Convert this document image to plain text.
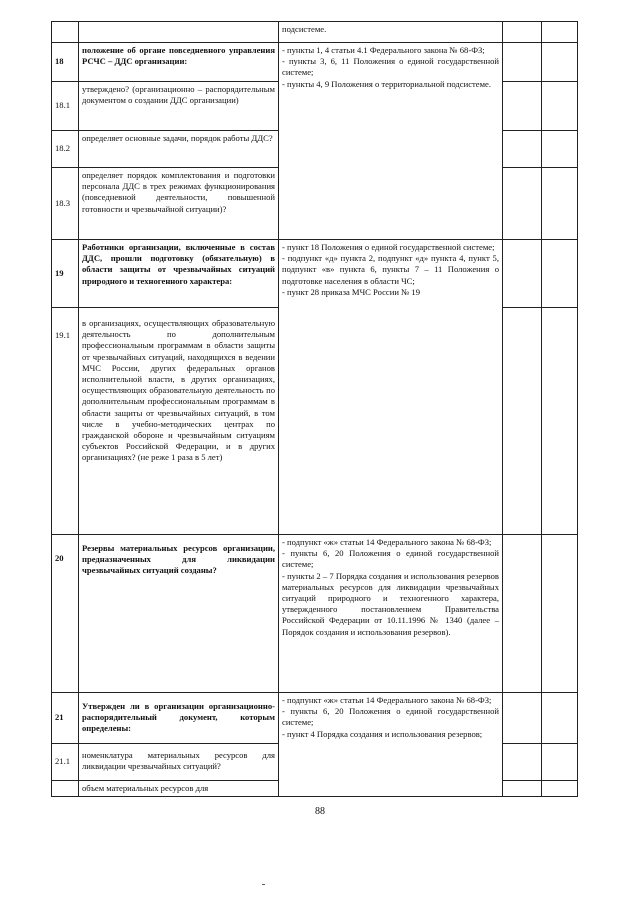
		подсистеме.		

18	положение об органе повседневного управления РСЧС – ДДС организации:	- пункты 1, 4 статьи 4.1 Федерального закона № 68-ФЗ;
- пункты 3, 6, 11 Положения о единой государственной системе;
- пункты 4, 9 Положения о территориальной подсистеме.		

18.1	утверждено? (организационно – распорядительным документом о создании ДДС организации)			
18.2	определяет основные задачи, порядок работы ДДС?			
18.3	определяет порядок комплектования и подготовки персонала ДДС в трех режимах функционирования (повседневной деятельности, повышенной готовности и чрезвычайной ситуации)?			
19	Работники организации, включенные в состав ДДС, прошли подготовку (обязательную) в области защиты от чрезвычайных ситуаций природного и техногенного характера:	- пункт 18 Положения о единой государственной системе;
- подпункт «д» пункта 2, подпункт «д» пункта 4, пункт 5, подпункт «в» пункта 6, пункты 7 – 11 Положения о подготовке населения в области ЧС;
- пункт 28 приказа МЧС России № 19		

19.1	в организациях, осуществляющих образовательную деятельность по дополнительным профессиональным программам в области защиты от чрезвычайных ситуаций, находящихся в ведении МЧС России, других федеральных органов исполнительной власти, в других организациях, осуществляющих образовательную деятельность по дополнительным профессиональным программам в области защиты от чрезвычайных ситуаций, в том числе в учебно-методических центрах по гражданской обороне и чрезвычайным ситуациям субъектов Российской Федерации, и в других организациях? (не реже 1 раза в 5 лет)			
20	Резервы материальных ресурсов организации, предназначенных для ликвидации чрезвычайных ситуаций созданы?	- подпункт «ж» статьи 14 Федерального закона № 68-ФЗ;
- пункты 6, 20 Положения о единой государственной системе;
- пункты 2 – 7 Порядка создания и использования резервов материальных ресурсов для ликвидации чрезвычайных ситуаций природного и техногенного характера, утвержденного постановлением Правительства Российской Федерации от 10.11.1996 № 1340 (далее – Порядок создания и использования резервов).		

21	Утвержден ли в организации организационно-распорядительный документ, которым определены:	- подпункт «ж» статьи 14 Федерального закона № 68-ФЗ;
- пункты 6, 20 Положения о единой государственной системе;
- пункт 4 Порядка создания и использования резервов;		

21.1	номенклатура материальных ресурсов для ликвидации чрезвычайных ситуаций?			
	объем материальных ресурсов для			
88
